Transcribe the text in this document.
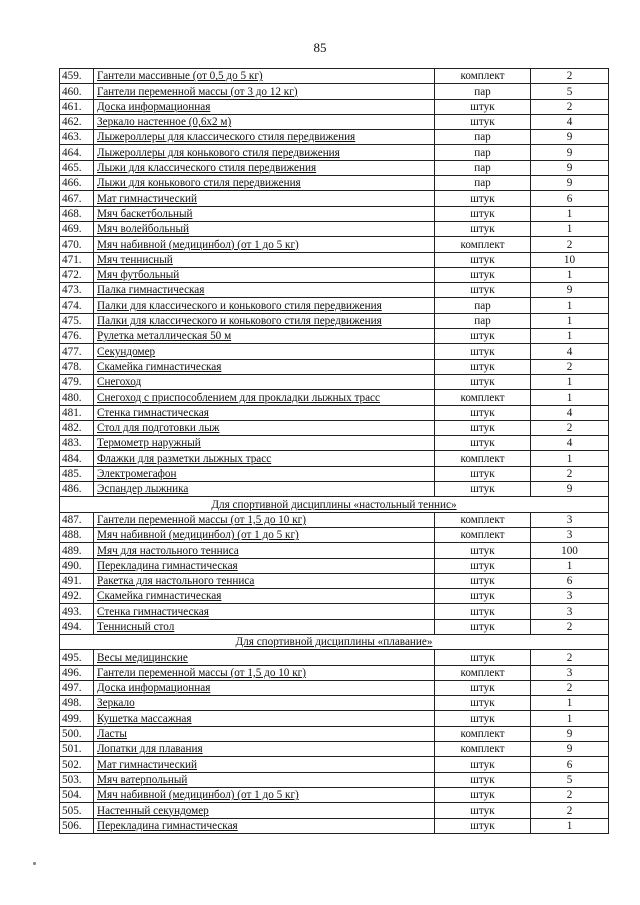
85
459.	Гантели массивные (от 0,5 до 5 кг)	комплект	2
460.	Гантели переменной массы (от 3 до 12 кг)	пар	5
461.	Доска информационная	штук	2
462.	Зеркало настенное (0,6x2 м)	штук	4
463.	Лыжероллеры для классического стиля передвижения	пар	9
464.	Лыжероллеры для конькового стиля передвижения	пар	9
465.	Лыжи для классического стиля передвижения	пар	9
466.	Лыжи для конькового стиля передвижения	пар	9
467.	Мат гимнастический	штук	6
468.	Мяч баскетбольный	штук	1
469.	Мяч волейбольный	штук	1
470.	Мяч набивной (медицинбол) (от 1 до 5 кг)	комплект	2
471.	Мяч теннисный	штук	10
472.	Мяч футбольный	штук	1
473.	Палка гимнастическая	штук	9
474.	Палки для классического и конькового стиля передвижения	пар	1
475.	Палки для классического и конькового стиля передвижения	пар	1
476.	Рулетка металлическая 50 м	штук	1
477.	Секундомер	штук	4
478.	Скамейка гимнастическая	штук	2
479.	Снегоход	штук	1
480.	Снегоход с приспособлением для прокладки лыжных трасс	комплект	1
481.	Стенка гимнастическая	штук	4
482.	Стол для подготовки лыж	штук	2
483.	Термометр наружный	штук	4
484.	Флажки для разметки лыжных трасс	комплект	1
485.	Электромегафон	штук	2
486.	Эспандер лыжника	штук	9
Для спортивной дисциплины «настольный теннис»			
487.	Гантели переменной массы (от 1,5 до 10 кг)	комплект	3
488.	Мяч набивной (медицинбол) (от 1 до 5 кг)	комплект	3
489.	Мяч для настольного тенниса	штук	100
490.	Перекладина гимнастическая	штук	1
491.	Ракетка для настольного тенниса	штук	6
492.	Скамейка гимнастическая	штук	3
493.	Стенка гимнастическая	штук	3
494.	Теннисный стол	штук	2
Для спортивной дисциплины «плавание»			
495.	Весы медицинские	штук	2
496.	Гантели переменной массы (от 1,5 до 10 кг)	комплект	3
497.	Доска информационная	штук	2
498.	Зеркало	штук	1
499.	Кушетка массажная	штук	1
500.	Ласты	комплект	9
501.	Лопатки для плавания	комплект	9
502.	Мат гимнастический	штук	6
503.	Мяч ватерпольный	штук	5
504.	Мяч набивной (медицинбол) (от 1 до 5 кг)	штук	2
505.	Настенный секундомер	штук	2
506.	Перекладина гимнастическая	штук	1
